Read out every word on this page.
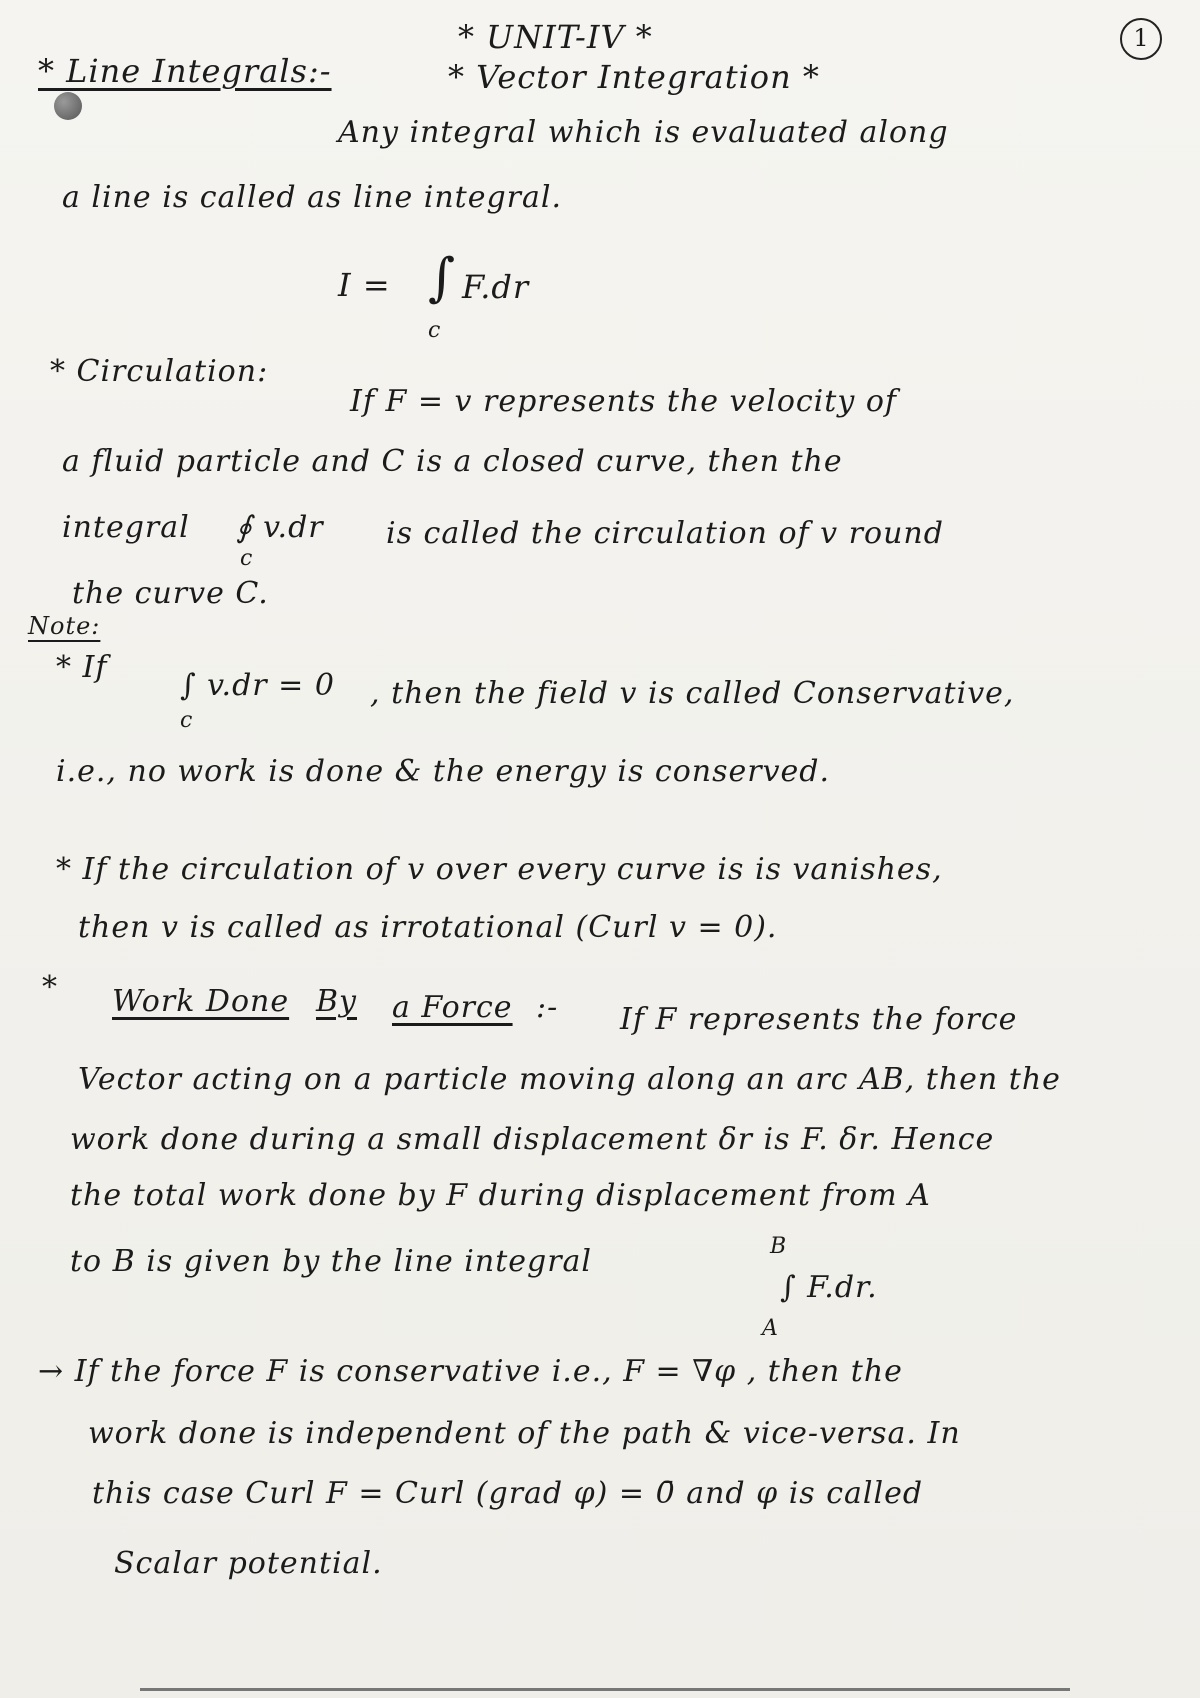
1
* UNIT-IV *
* Line Integrals:-	* Vector Integration *
Any integral which is evaluated along
a line is called as line integral.
I = ∫ F.dr
c
* Circulation:
If F = v represents the velocity of
a fluid particle and C is a closed curve, then the
integral ∮ v.dr
c
is called the circulation of v round
the curve C.
Note:
* If
∫ v.dr = 0
c
, then the field v is called Conservative,
i.e., no work is done & the energy is conserved.
* If the circulation of v over every curve is is vanishes,
then v is called as irrotational (Curl v = 0).
* Work Done By a Force :- If F represents the force
Vector acting on a particle moving along an arc AB, then the
work done during a small displacement δr is F. δr. Hence
the total work done by F during displacement from A
to B is given by the line integral	B
∫ F.dr.
A
→ If the force F is conservative i.e., F = ∇φ , then the
work done is independent of the path & vice-versa. In
this case Curl F = Curl (grad φ) = 0̄ and φ is called
Scalar potential.
